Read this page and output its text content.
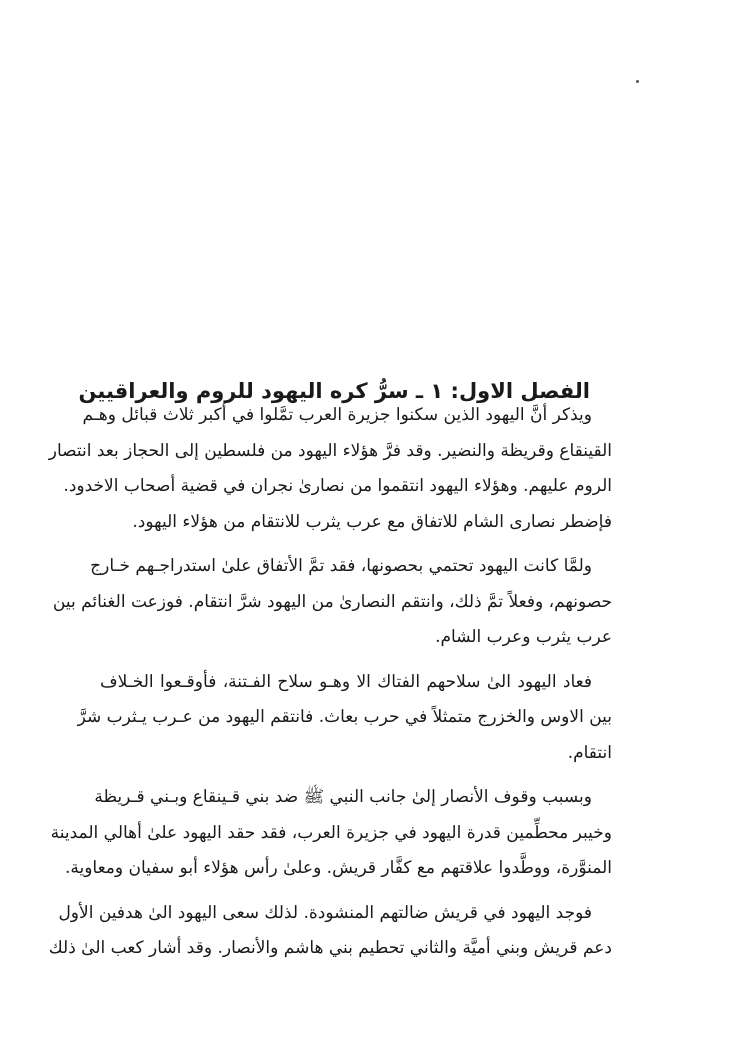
الفصل الاول: ١ ـ سرُّ كره اليهود للروم والعراقيين

ويذكر أنَّ اليهود الذين سكنوا جزيرة العرب تمَّلوا في أكبر ثلاث قبائل وهـم
القينقاع وقريظة والنضير. وقد فرَّ هؤلاء اليهود من فلسطين إلى الحجاز بعد انتصار
الروم عليهم. وهؤلاء اليهود انتقموا من نصارىٰ نجران في قضية أصحاب الاخدود.
فإضطر نصارى الشام للاتفاق مع عرب يثرب للانتقام من هؤلاء اليهود.

ولمَّا كانت اليهود تحتمي بحصونها، فقد تمَّ الأتفاق علىٰ استدراجـهم خـارج
حصونهم، وفعلاً تمَّ ذلك، وانتقم النصارىٰ من اليهود شرَّ انتقام. فوزعت الغنائم بين
عرب يثرب وعرب الشام.

فعاد اليهود الىٰ سلاحهم الفتاك الا وهـو سلاح الفـتنة، فأوقـعوا الخـلاف
بين الاوس والخزرج متمثلاً في حرب بعاث. فانتقم اليهود من عـرب يـثرب شرَّ
انتقام.

وبسبب وقوف الأنصار إلىٰ جانب النبي ﷺ ضد بني قـينقاع وبـني قـريظة
وخيبر محطِّمين قدرة اليهود في جزيرة العرب، فقد حقد اليهود علىٰ أهالي المدينة
المنوَّرة، ووطَّدوا علاقتهم مع كفَّار قريش. وعلىٰ رأس هؤلاء أبو سفيان ومعاوية.

فوجد اليهود في قريش ضالتهم المنشودة. لذلك سعى اليهود الىٰ هدفين الأول
دعم قريش وبني أميَّة والثاني تحطيم بني هاشم والأنصار. وقد أشار كعب الىٰ ذلك
